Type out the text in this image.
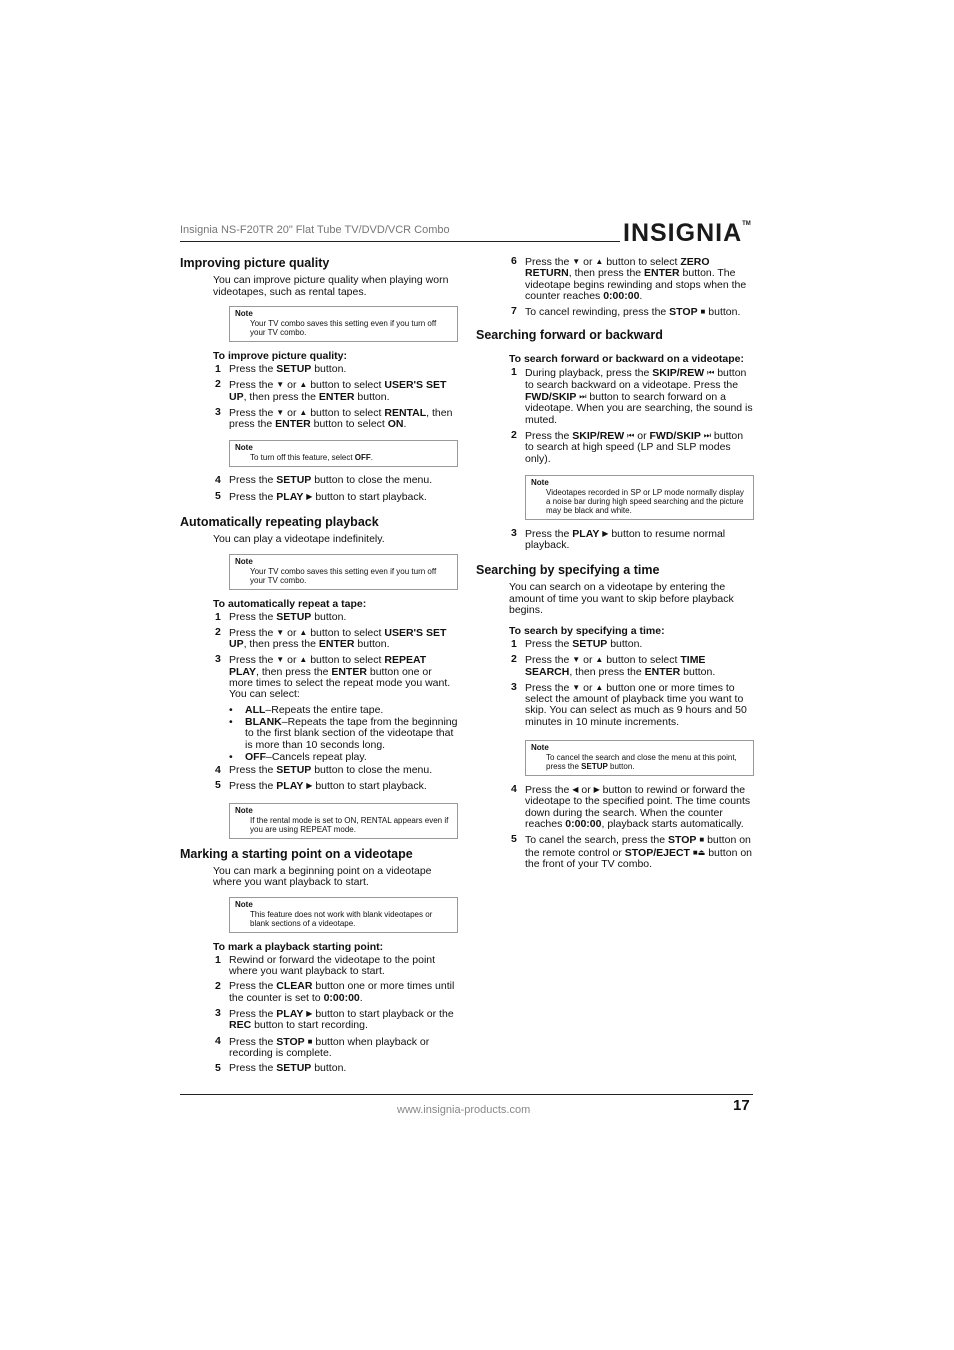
Insignia NS-F20TR 20" Flat Tube TV/DVD/VCR Combo	INSIGNIA™
Improving picture quality

You can improve picture quality when playing worn videotapes, such as rental tapes.

Note
Your TV combo saves this setting even if you turn off your TV combo.
To improve picture quality:
1 Press the SETUP button.
2 Press the ▼ or ▲ button to select USER'S SET UP, then press the ENTER button.
3 Press the ▼ or ▲ button to select RENTAL, then press the ENTER button to select ON.
Note
To turn off this feature, select OFF.
4 Press the SETUP button to close the menu.
5 Press the PLAY ▶ button to start playback.
Automatically repeating playback

You can play a videotape indefinitely.

Note
Your TV combo saves this setting even if you turn off your TV combo.
To automatically repeat a tape:
1 Press the SETUP button.
2 Press the ▼ or ▲ button to select USER'S SET UP, then press the ENTER button.
3 Press the ▼ or ▲ button to select REPEAT PLAY, then press the ENTER button one or more times to select the repeat mode you want. You can select:
• ALL–Repeats the entire tape.
• BLANK–Repeats the tape from the beginning to the first blank section of the videotape that is more than 10 seconds long.
• OFF–Cancels repeat play.
4 Press the SETUP button to close the menu.
5 Press the PLAY ▶ button to start playback.
Note
If the rental mode is set to ON, RENTAL appears even if you are using REPEAT mode.
Marking a starting point on a videotape

You can mark a beginning point on a videotape where you want playback to start.

Note
This feature does not work with blank videotapes or blank sections of a videotape.
To mark a playback starting point:
1 Rewind or forward the videotape to the point where you want playback to start.
2 Press the CLEAR button one or more times until the counter is set to 0:00:00.
3 Press the PLAY ▶ button to start playback or the REC button to start recording.
4 Press the STOP ■ button when playback or recording is complete.
5 Press the SETUP button.
6 Press the ▼ or ▲ button to select ZERO RETURN, then press the ENTER button. The videotape begins rewinding and stops when the counter reaches 0:00:00.
7 To cancel rewinding, press the STOP ■ button.
Searching forward or backward
To search forward or backward on a videotape:
1 During playback, press the SKIP/REW ⏮ button to search backward on a videotape. Press the FWD/SKIP ⏭ button to search forward on a videotape. When you are searching, the sound is muted.
2 Press the SKIP/REW ⏮ or FWD/SKIP ⏭ button to search at high speed (LP and SLP modes only).
Note
Videotapes recorded in SP or LP mode normally display a noise bar during high speed searching and the picture may be black and white.
3 Press the PLAY ▶ button to resume normal playback.
Searching by specifying a time

You can search on a videotape by entering the amount of time you want to skip before playback begins.

To search by specifying a time:
1 Press the SETUP button.
2 Press the ▼ or ▲ button to select TIME SEARCH, then press the ENTER button.
3 Press the ▼ or ▲ button one or more times to select the amount of playback time you want to skip. You can select as much as 9 hours and 50 minutes in 10 minute increments.
Note
To cancel the search and close the menu at this point, press the SETUP button.
4 Press the ◀ or ▶ button to rewind or forward the videotape to the specified point. The time counts down during the search. When the counter reaches 0:00:00, playback starts automatically.
5 To canel the search, press the STOP ■ button on the remote control or STOP/EJECT ■⏏ button on the front of your TV combo.
www.insignia-products.com	17
